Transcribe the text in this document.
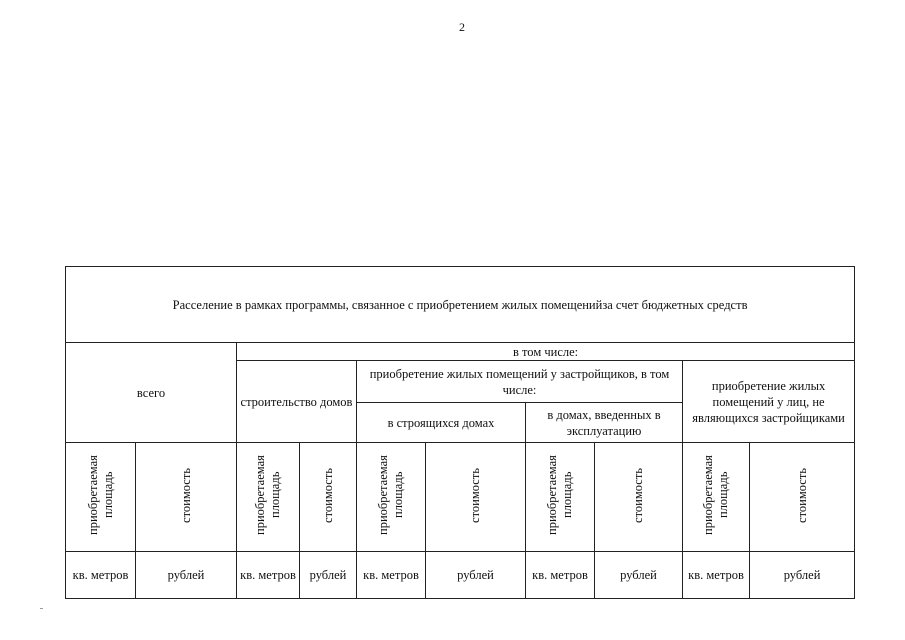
2
Расселение в рамках программы, связанное с приобретением жилых помещенийза счет бюджетных средств									
всего		в том числе:							
		строительство домов		приобретение жилых помещений у застройщиков, в том числе:				приобретение жилых помещений у лиц, не являющихся застройщиками	
				в строящихся домах		в домах, введенных в эксплуатацию			
приобретаемая площадь	стоимость	приобретаемая площадь	стоимость	приобретаемая площадь	стоимость	приобретаемая площадь	стоимость	приобретаемая площадь	стоимость
кв. метров	рублей	кв. метров	рублей	кв. метров	рублей	кв. метров	рублей	кв. метров	рублей
